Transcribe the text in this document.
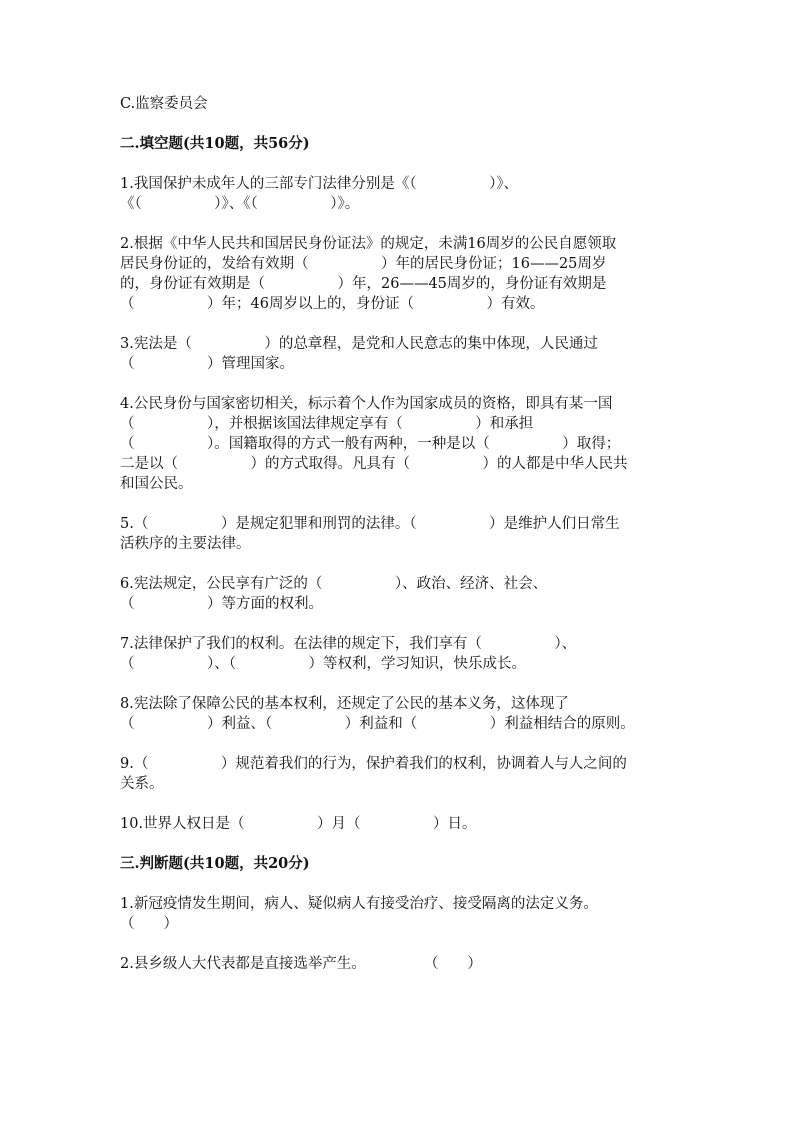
C.监察委员会
二.填空题(共10题，共56分)
1.我国保护未成年人的三部专门法律分别是《（　　　　　）》、
《（　　　　　）》、《（　　　　　）》。
2.根据《中华人民共和国居民身份证法》的规定，未满16周岁的公民自愿领取
居民身份证的，发给有效期（　　　　　）年的居民身份证；16——25周岁
的，身份证有效期是（　　　　　）年，26——45周岁的，身份证有效期是
（　　　　　）年；46周岁以上的，身份证（　　　　　）有效。
3.宪法是（　　　　　）的总章程，是党和人民意志的集中体现，人民通过
（　　　　　）管理国家。
4.公民身份与国家密切相关，标示着个人作为国家成员的资格，即具有某一国
（　　　　　），并根据该国法律规定享有（　　　　　）和承担
（　　　　　）。国籍取得的方式一般有两种，一种是以（　　　　　）取得；
二是以（　　　　　）的方式取得。凡具有（　　　　　）的人都是中华人民共
和国公民。
5.（　　　　　）是规定犯罪和刑罚的法律。（　　　　　）是维护人们日常生
活秩序的主要法律。
6.宪法规定，公民享有广泛的（　　　　　）、政治、经济、社会、
（　　　　　）等方面的权利。
7.法律保护了我们的权利。在法律的规定下，我们享有（　　　　　）、
（　　　　　）、（　　　　　）等权利，学习知识，快乐成长。
8.宪法除了保障公民的基本权利，还规定了公民的基本义务，这体现了
（　　　　　）利益、（　　　　　）利益和（　　　　　）利益相结合的原则。
9.（　　　　　）规范着我们的行为，保护着我们的权利，协调着人与人之间的
关系。
10.世界人权日是（　　　　　）月（　　　　　）日。
三.判断题(共10题，共20分)
1.新冠疫情发生期间，病人、疑似病人有接受治疗、接受隔离的法定义务。
（　　）
2.县乡级人大代表都是直接选举产生。　　　　　（　　）
